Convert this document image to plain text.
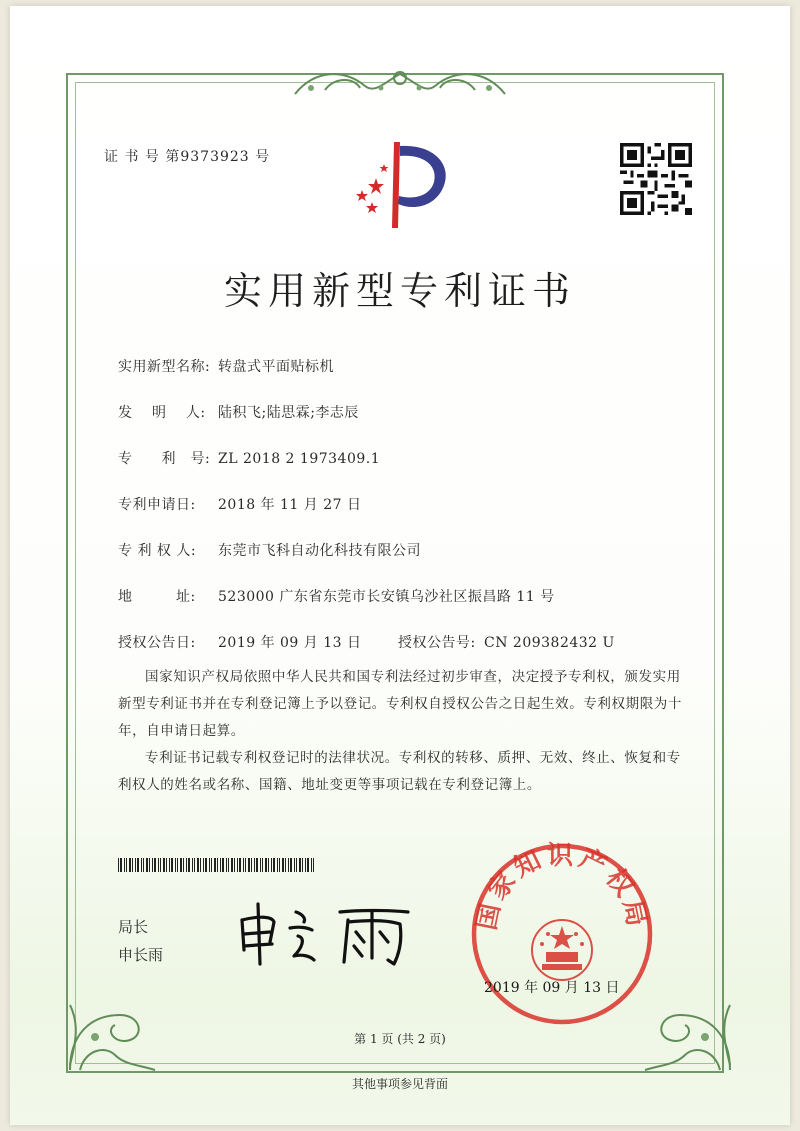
证 书 号 第9373923 号
实用新型专利证书
实用新型名称: 转盘式平面贴标机
发　 明　 人: 陆积飞;陆思霖;李志辰
专　　利　号: ZL 2018 2 1973409.1
专利申请日: 2018 年 11 月 27 日
专 利 权 人: 东莞市飞科自动化科技有限公司
地　　　址: 523000 广东省东莞市长安镇乌沙社区振昌路 11 号
授权公告日: 2019 年 09 月 13 日	授权公告号: CN 209382432 U
国家知识产权局依照中华人民共和国专利法经过初步审查，决定授予专利权，颁发实用新型专利证书并在专利登记簿上予以登记。专利权自授权公告之日起生效。专利权期限为十年，自申请日起算。
专利证书记载专利权登记时的法律状况。专利权的转移、质押、无效、终止、恢复和专利权人的姓名或名称、国籍、地址变更等事项记载在专利登记簿上。
局长
申长雨
国家知识产权局
2019 年 09 月 13 日
第 1 页 (共 2 页)
其他事项参见背面
